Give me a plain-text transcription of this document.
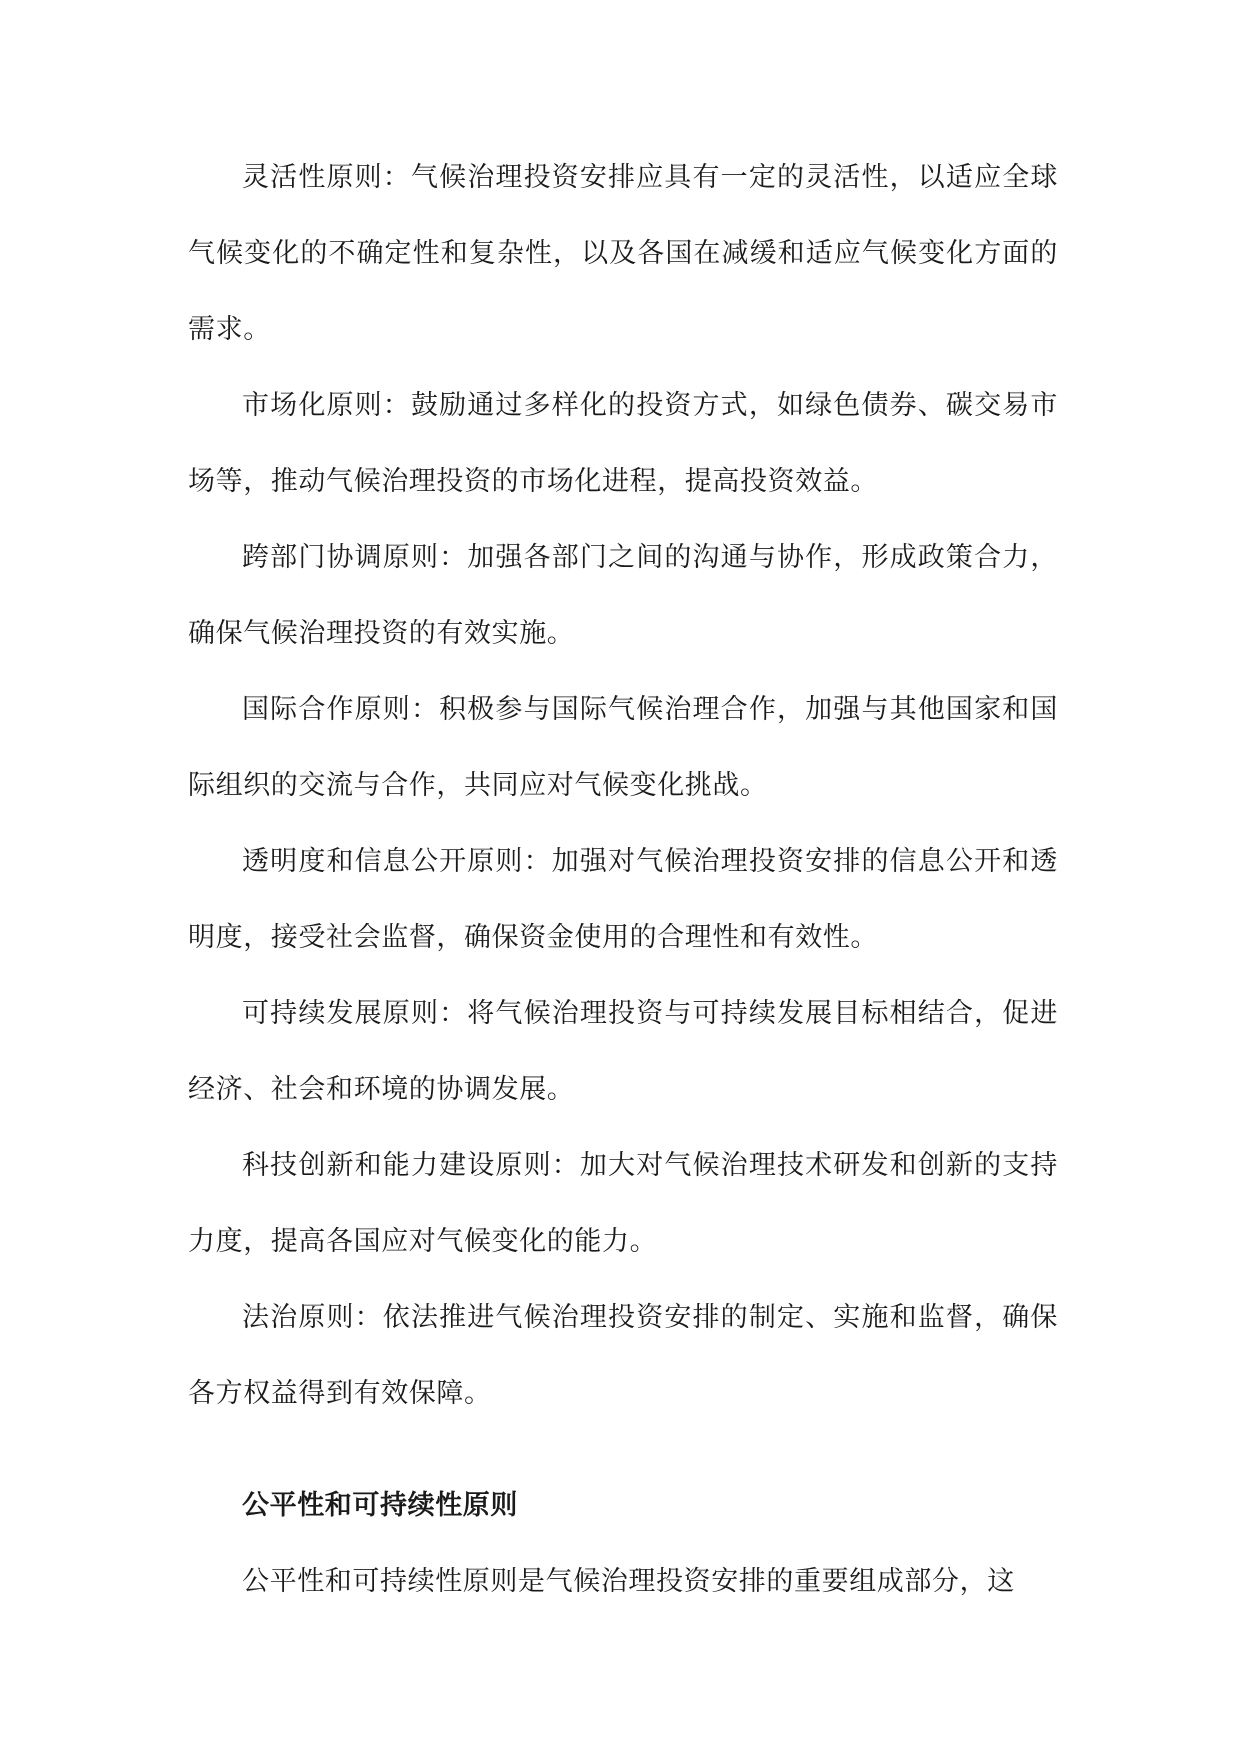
灵活性原则：气候治理投资安排应具有一定的灵活性，以适应全球气候变化的不确定性和复杂性，以及各国在减缓和适应气候变化方面的需求。

市场化原则：鼓励通过多样化的投资方式，如绿色债券、碳交易市场等，推动气候治理投资的市场化进程，提高投资效益。

跨部门协调原则：加强各部门之间的沟通与协作，形成政策合力，确保气候治理投资的有效实施。

国际合作原则：积极参与国际气候治理合作，加强与其他国家和国际组织的交流与合作，共同应对气候变化挑战。

透明度和信息公开原则：加强对气候治理投资安排的信息公开和透明度，接受社会监督，确保资金使用的合理性和有效性。

可持续发展原则：将气候治理投资与可持续发展目标相结合，促进经济、社会和环境的协调发展。

科技创新和能力建设原则：加大对气候治理技术研发和创新的支持力度，提高各国应对气候变化的能力。

法治原则：依法推进气候治理投资安排的制定、实施和监督，确保各方权益得到有效保障。

公平性和可持续性原则

公平性和可持续性原则是气候治理投资安排的重要组成部分，这
